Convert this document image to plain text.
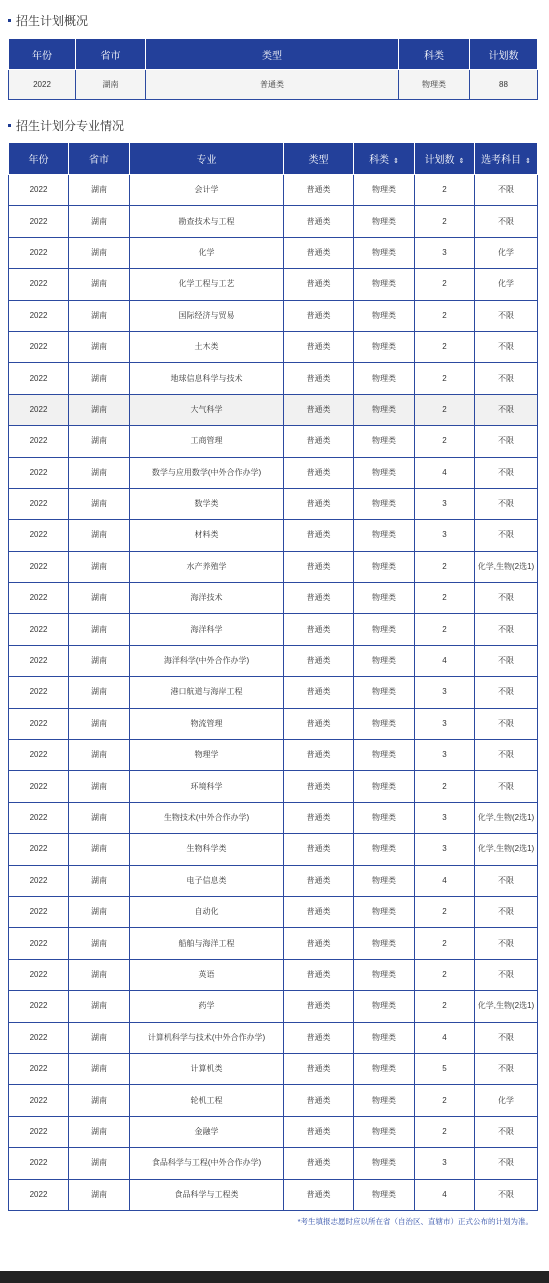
招生计划概况
年份	省市	类型	科类	计划数
2022	湖南	普通类	物理类	88
招生计划分专业情况
年份	省市	专业	类型	科类 ⇕	计划数 ⇕	选考科目 ⇕
2022	湖南	会计学	普通类	物理类	2	不限
2022	湖南	勘查技术与工程	普通类	物理类	2	不限
2022	湖南	化学	普通类	物理类	3	化学
2022	湖南	化学工程与工艺	普通类	物理类	2	化学
2022	湖南	国际经济与贸易	普通类	物理类	2	不限
2022	湖南	土木类	普通类	物理类	2	不限
2022	湖南	地球信息科学与技术	普通类	物理类	2	不限
2022	湖南	大气科学	普通类	物理类	2	不限
2022	湖南	工商管理	普通类	物理类	2	不限
2022	湖南	数学与应用数学(中外合作办学)	普通类	物理类	4	不限
2022	湖南	数学类	普通类	物理类	3	不限
2022	湖南	材料类	普通类	物理类	3	不限
2022	湖南	水产养殖学	普通类	物理类	2	化学,生物(2选1)
2022	湖南	海洋技术	普通类	物理类	2	不限
2022	湖南	海洋科学	普通类	物理类	2	不限
2022	湖南	海洋科学(中外合作办学)	普通类	物理类	4	不限
2022	湖南	港口航道与海岸工程	普通类	物理类	3	不限
2022	湖南	物流管理	普通类	物理类	3	不限
2022	湖南	物理学	普通类	物理类	3	不限
2022	湖南	环境科学	普通类	物理类	2	不限
2022	湖南	生物技术(中外合作办学)	普通类	物理类	3	化学,生物(2选1)
2022	湖南	生物科学类	普通类	物理类	3	化学,生物(2选1)
2022	湖南	电子信息类	普通类	物理类	4	不限
2022	湖南	自动化	普通类	物理类	2	不限
2022	湖南	船舶与海洋工程	普通类	物理类	2	不限
2022	湖南	英语	普通类	物理类	2	不限
2022	湖南	药学	普通类	物理类	2	化学,生物(2选1)
2022	湖南	计算机科学与技术(中外合作办学)	普通类	物理类	4	不限
2022	湖南	计算机类	普通类	物理类	5	不限
2022	湖南	轮机工程	普通类	物理类	2	化学
2022	湖南	金融学	普通类	物理类	2	不限
2022	湖南	食品科学与工程(中外合作办学)	普通类	物理类	3	不限
2022	湖南	食品科学与工程类	普通类	物理类	4	不限
*考生填报志愿时应以所在省（自治区、直辖市）正式公布的计划为准。
